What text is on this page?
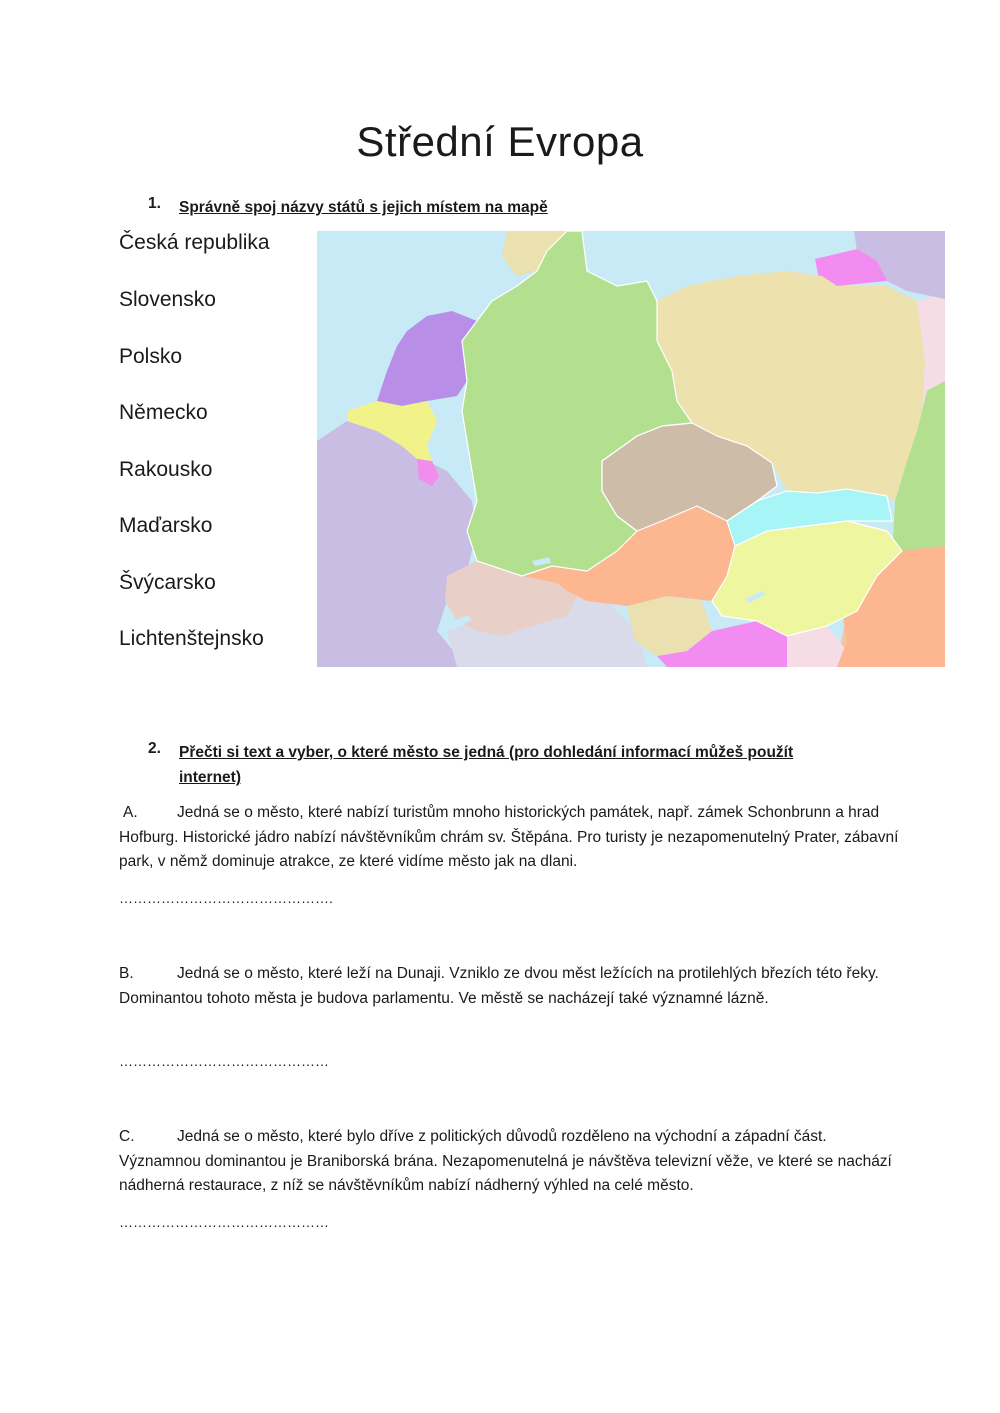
Střední Evropa
1. Správně spoj názvy států s jejich místem na mapě
Česká republika
Slovensko
Polsko
Německo
Rakousko
Maďarsko
Švýcarsko
Lichtenštejnsko
2. Přečti si text a vyber, o které město se jedná (pro dohledání informací můžeš použít internet)
A.	Jedná se o město, které nabízí turistům mnoho historických památek, např. zámek Schonbrunn a hrad Hofburg. Historické jádro nabízí návštěvníkům chrám sv. Štěpána. Pro turisty je nezapomenutelný Prater, zábavní park, v němž dominuje atrakce, ze které vidíme město jak na dlani.
……………………………………….
B.	Jedná se o město, které leží na Dunaji. Vzniklo ze dvou měst ležících na protilehlých březích této řeky. Dominantou tohoto města je budova parlamentu. Ve městě se nacházejí také významné lázně.
………………………………………
C.	Jedná se o město, které bylo dříve z politických důvodů rozděleno na východní a západní část. Významnou dominantou je Braniborská brána. Nezapomenutelná je návštěva televizní věže, ve které se nachází nádherná restaurace, z níž se návštěvníkům nabízí nádherný výhled na celé město.
………………………………………
